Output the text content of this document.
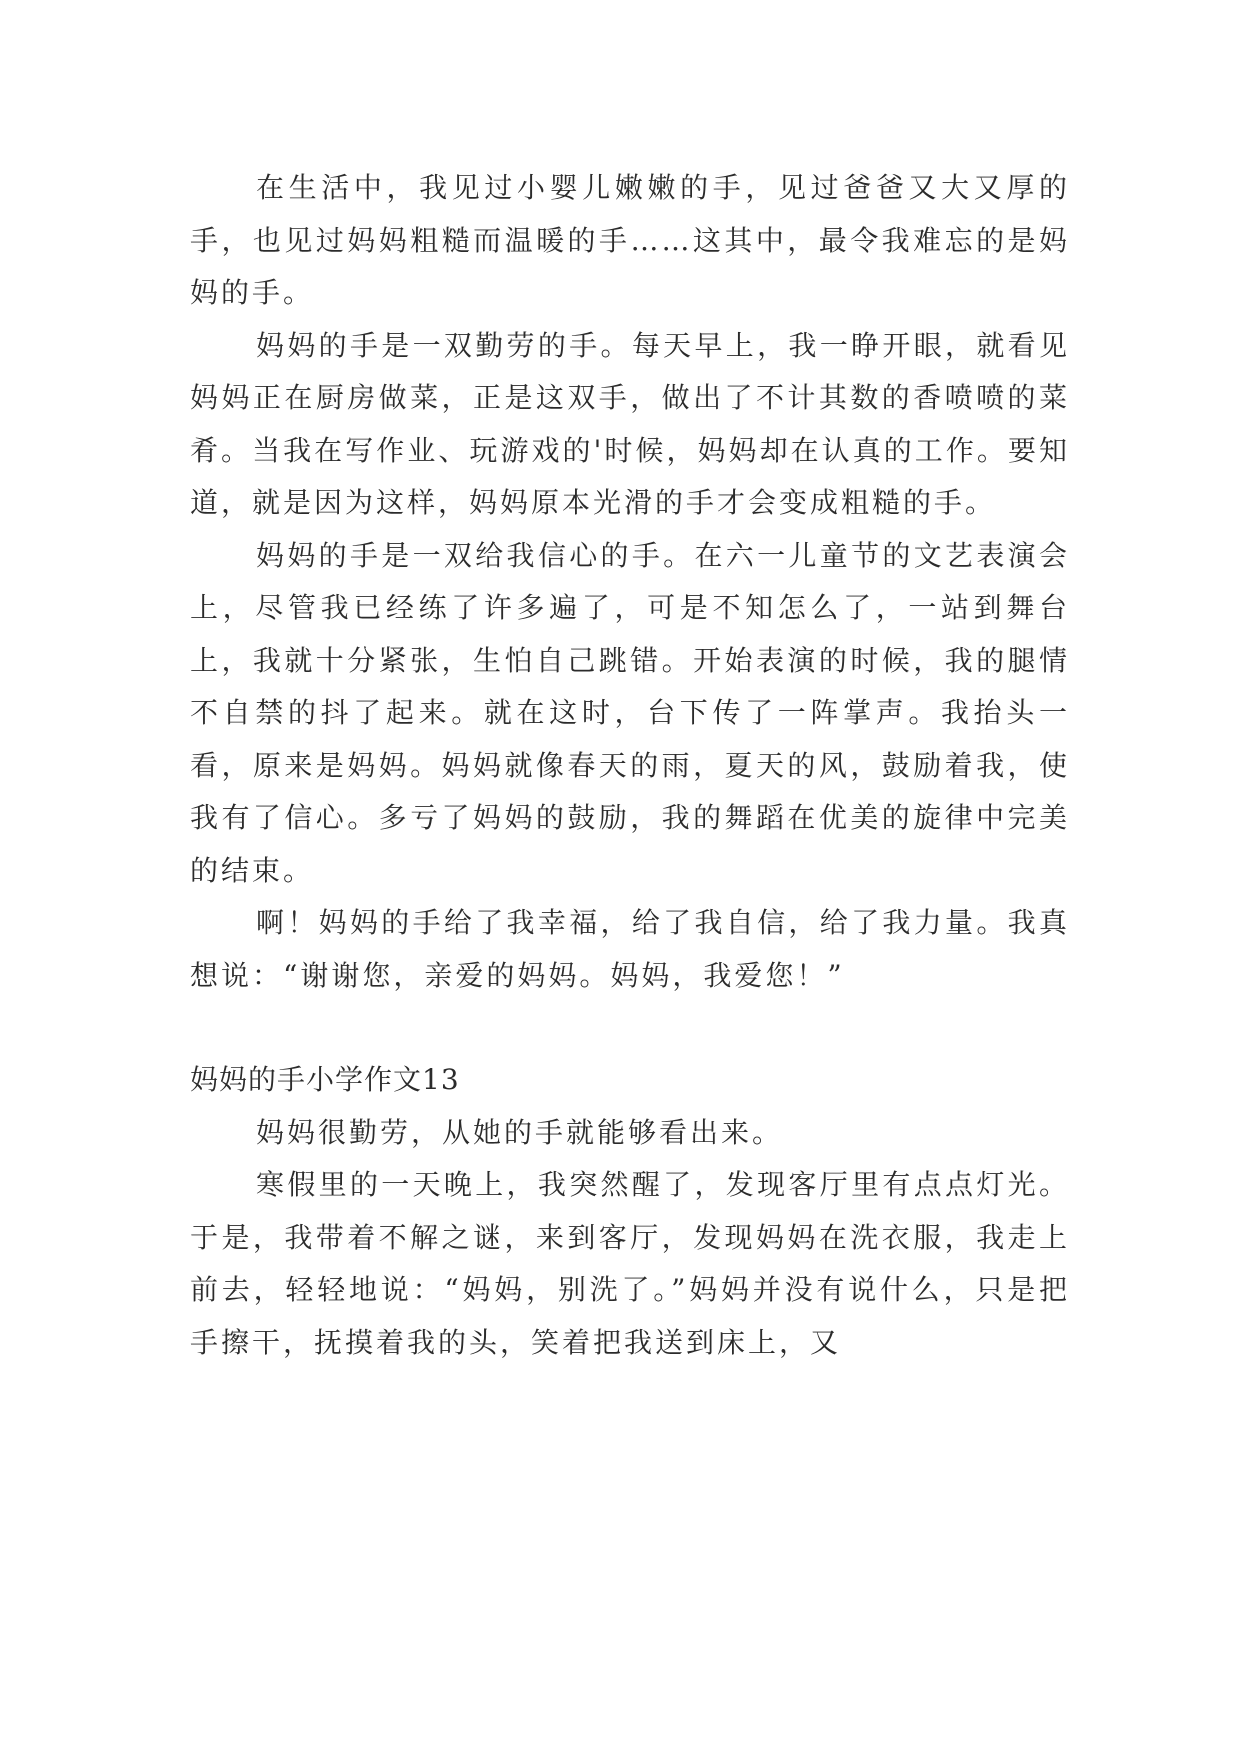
在生活中，我见过小婴儿嫩嫩的手，见过爸爸又大又厚的手，也见过妈妈粗糙而温暖的手……这其中，最令我难忘的是妈妈的手。

妈妈的手是一双勤劳的手。每天早上，我一睁开眼，就看见妈妈正在厨房做菜，正是这双手，做出了不计其数的香喷喷的菜肴。当我在写作业、玩游戏的'时候，妈妈却在认真的工作。要知道，就是因为这样，妈妈原本光滑的手才会变成粗糙的手。

妈妈的手是一双给我信心的手。在六一儿童节的文艺表演会上，尽管我已经练了许多遍了，可是不知怎么了，一站到舞台上，我就十分紧张，生怕自己跳错。开始表演的时候，我的腿情不自禁的抖了起来。就在这时，台下传了一阵掌声。我抬头一看，原来是妈妈。妈妈就像春天的雨，夏天的风，鼓励着我，使我有了信心。多亏了妈妈的鼓励，我的舞蹈在优美的旋律中完美的结束。

啊！妈妈的手给了我幸福，给了我自信，给了我力量。我真想说：“谢谢您，亲爱的妈妈。妈妈，我爱您！”

妈妈的手小学作文13

妈妈很勤劳，从她的手就能够看出来。

寒假里的一天晚上，我突然醒了，发现客厅里有点点灯光。于是，我带着不解之谜，来到客厅，发现妈妈在洗衣服，我走上前去，轻轻地说：“妈妈，别洗了。”妈妈并没有说什么，只是把手擦干，抚摸着我的头，笑着把我送到床上，又
